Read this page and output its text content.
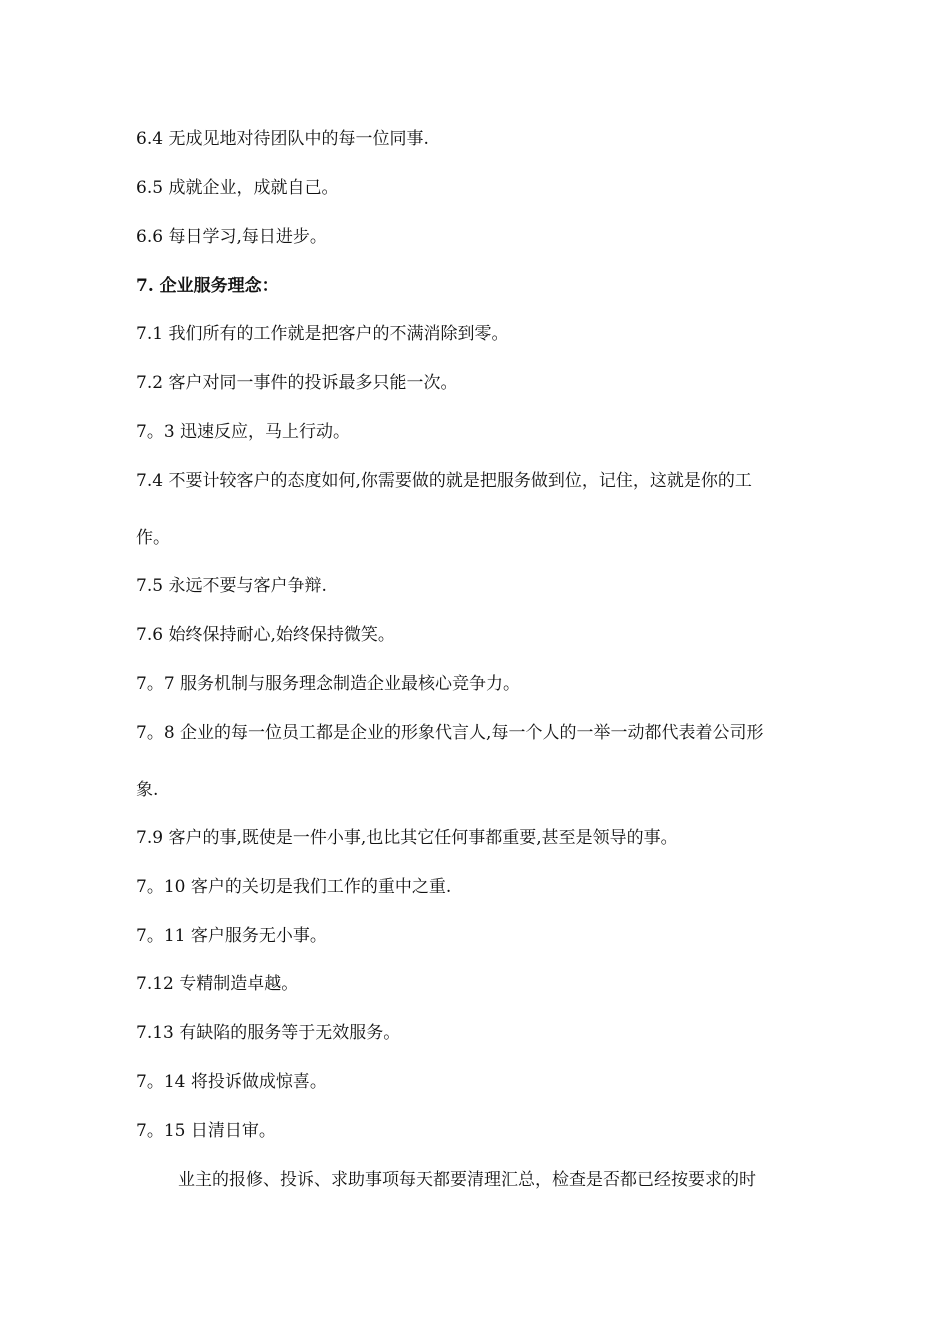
6.4 无成见地对待团队中的每一位同事.
6.5 成就企业，成就自己。
6.6 每日学习,每日进步。
7. 企业服务理念：
7.1 我们所有的工作就是把客户的不满消除到零。
7.2 客户对同一事件的投诉最多只能一次。
7。3 迅速反应，马上行动。
7.4 不要计较客户的态度如何,你需要做的就是把服务做到位，记住，这就是你的工
作。
7.5 永远不要与客户争辩.
7.6 始终保持耐心,始终保持微笑。
7。7 服务机制与服务理念制造企业最核心竞争力。
7。8 企业的每一位员工都是企业的形象代言人,每一个人的一举一动都代表着公司形
象.
7.9 客户的事,既使是一件小事,也比其它任何事都重要,甚至是领导的事。
7。10 客户的关切是我们工作的重中之重.
7。11 客户服务无小事。
7.12 专精制造卓越。
7.13 有缺陷的服务等于无效服务。
7。14 将投诉做成惊喜。
7。15 日清日审。
业主的报修、投诉、求助事项每天都要清理汇总，检查是否都已经按要求的时
